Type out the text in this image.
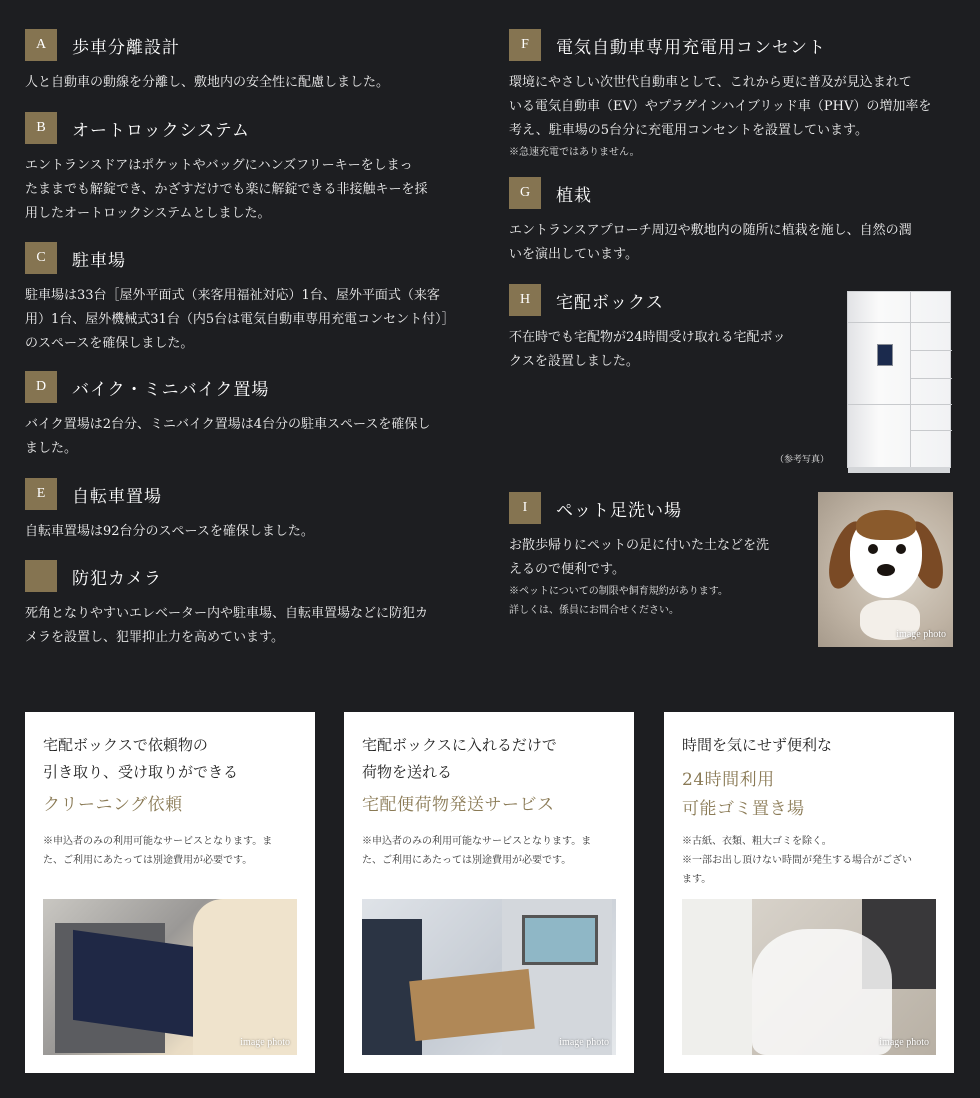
A	歩車分離設計
人と自動車の動線を分離し、敷地内の安全性に配慮しました。
B	オートロックシステム
エントランスドアはポケットやバッグにハンズフリーキーをしまっ
たままでも解錠でき、かざすだけでも楽に解錠できる非接触キーを採
用したオートロックシステムとしました。
C	駐車場
駐車場は33台［屋外平面式（来客用福祉対応）1台、屋外平面式（来客
用）1台、屋外機械式31台（内5台は電気自動車専用充電コンセント付）］
のスペースを確保しました。
D	バイク・ミニバイク置場
バイク置場は2台分、ミニバイク置場は4台分の駐車スペースを確保し
ました。
E	自転車置場
自転車置場は92台分のスペースを確保しました。
防犯カメラ
死角となりやすいエレベーター内や駐車場、自転車置場などに防犯カ
メラを設置し、犯罪抑止力を高めています。
F	電気自動車専用充電用コンセント
環境にやさしい次世代自動車として、これから更に普及が見込まれて
いる電気自動車（EV）やプラグインハイブリッド車（PHV）の増加率を
考え、駐車場の5台分に充電用コンセントを設置しています。
※急速充電ではありません。
G	植栽
エントランスアプローチ周辺や敷地内の随所に植栽を施し、自然の潤
いを演出しています。
H	宅配ボックス
不在時でも宅配物が24時間受け取れる宅配ボッ
クスを設置しました。
I	ペット足洗い場
お散歩帰りにペットの足に付いた土などを洗
えるので便利です。
※ペットについての制限や飼育規約があります。
詳しくは、係員にお問合せください。
（参考写真）
image photo
宅配ボックスで依頼物の
引き取り、受け取りができる
クリーニング依頼
※申込者のみの利用可能なサービスとなります。ま
た、ご利用にあたっては別途費用が必要です。
image photo
宅配ボックスに入れるだけで
荷物を送れる
宅配便荷物発送サービス
※申込者のみの利用可能なサービスとなります。ま
た、ご利用にあたっては別途費用が必要です。
image photo
時間を気にせず便利な
24時間利用
可能ゴミ置き場
※古紙、衣類、粗大ゴミを除く。
※一部お出し頂けない時間が発生する場合がござい
ます。
image photo
